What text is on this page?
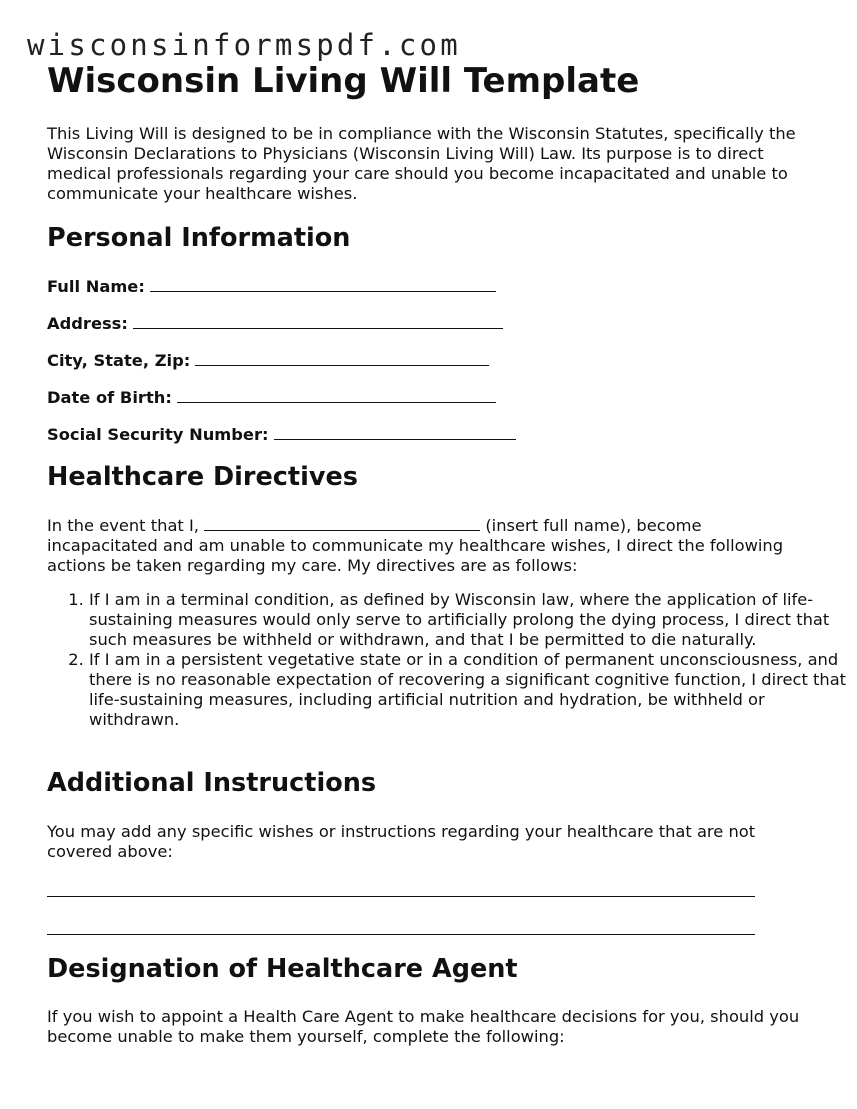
wisconsinformspdf.com
Wisconsin Living Will Template

This Living Will is designed to be in compliance with the Wisconsin Statutes, specifically the Wisconsin Declarations to Physicians (Wisconsin Living Will) Law. Its purpose is to direct medical professionals regarding your care should you become incapacitated and unable to communicate your healthcare wishes.

Personal Information
Full Name:
Address:
City, State, Zip:
Date of Birth:
Social Security Number:
Healthcare Directives

In the event that I,	(insert full name), become incapacitated and am unable to communicate my healthcare wishes, I direct the following actions be taken regarding my care. My directives are as follows:

1. If I am in a terminal condition, as defined by Wisconsin law, where the application of life-sustaining measures would only serve to artificially prolong the dying process, I direct that such measures be withheld or withdrawn, and that I be permitted to die naturally.
2. If I am in a persistent vegetative state or in a condition of permanent unconsciousness, and there is no reasonable expectation of recovering a significant cognitive function, I direct that life-sustaining measures, including artificial nutrition and hydration, be withheld or withdrawn.
Additional Instructions

You may add any specific wishes or instructions regarding your healthcare that are not covered above:

Designation of Healthcare Agent

If you wish to appoint a Health Care Agent to make healthcare decisions for you, should you become unable to make them yourself, complete the following:
